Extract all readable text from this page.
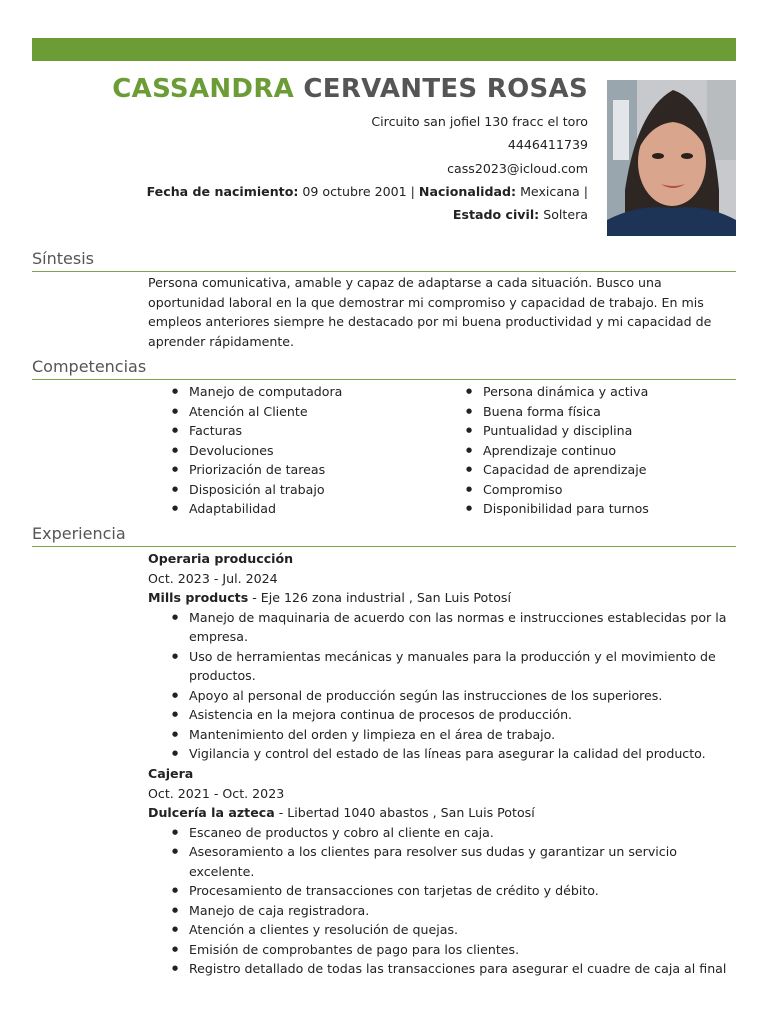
CASSANDRA CERVANTES ROSAS
Circuito san jofiel 130 fracc el toro
4446411739
cass2023@icloud.com
Fecha de nacimiento: 09 octubre 2001 | Nacionalidad: Mexicana |
Estado civil: Soltera
Síntesis
Persona comunicativa, amable y capaz de adaptarse a cada situación. Busco una oportunidad laboral en la que demostrar mi compromiso y capacidad de trabajo. En mis empleos anteriores siempre he destacado por mi buena productividad y mi capacidad de aprender rápidamente.
Competencias
● Manejo de computadora
● Atención al Cliente
● Facturas
● Devoluciones
● Priorización de tareas
● Disposición al trabajo
● Adaptabilidad
● Persona dinámica y activa
● Buena forma física
● Puntualidad y disciplina
● Aprendizaje continuo
● Capacidad de aprendizaje
● Compromiso
● Disponibilidad para turnos
Experiencia
Operaria producción
Oct. 2023 - Jul. 2024
Mills products - Eje 126 zona industrial , San Luis Potosí
● Manejo de maquinaria de acuerdo con las normas e instrucciones establecidas por la empresa.
● Uso de herramientas mecánicas y manuales para la producción y el movimiento de productos.
● Apoyo al personal de producción según las instrucciones de los superiores.
● Asistencia en la mejora continua de procesos de producción.
● Mantenimiento del orden y limpieza en el área de trabajo.
● Vigilancia y control del estado de las líneas para asegurar la calidad del producto.
Cajera
Oct. 2021 - Oct. 2023
Dulcería la azteca - Libertad 1040 abastos , San Luis Potosí
● Escaneo de productos y cobro al cliente en caja.
● Asesoramiento a los clientes para resolver sus dudas y garantizar un servicio excelente.
● Procesamiento de transacciones con tarjetas de crédito y débito.
● Manejo de caja registradora.
● Atención a clientes y resolución de quejas.
● Emisión de comprobantes de pago para los clientes.
● Registro detallado de todas las transacciones para asegurar el cuadre de caja al final
